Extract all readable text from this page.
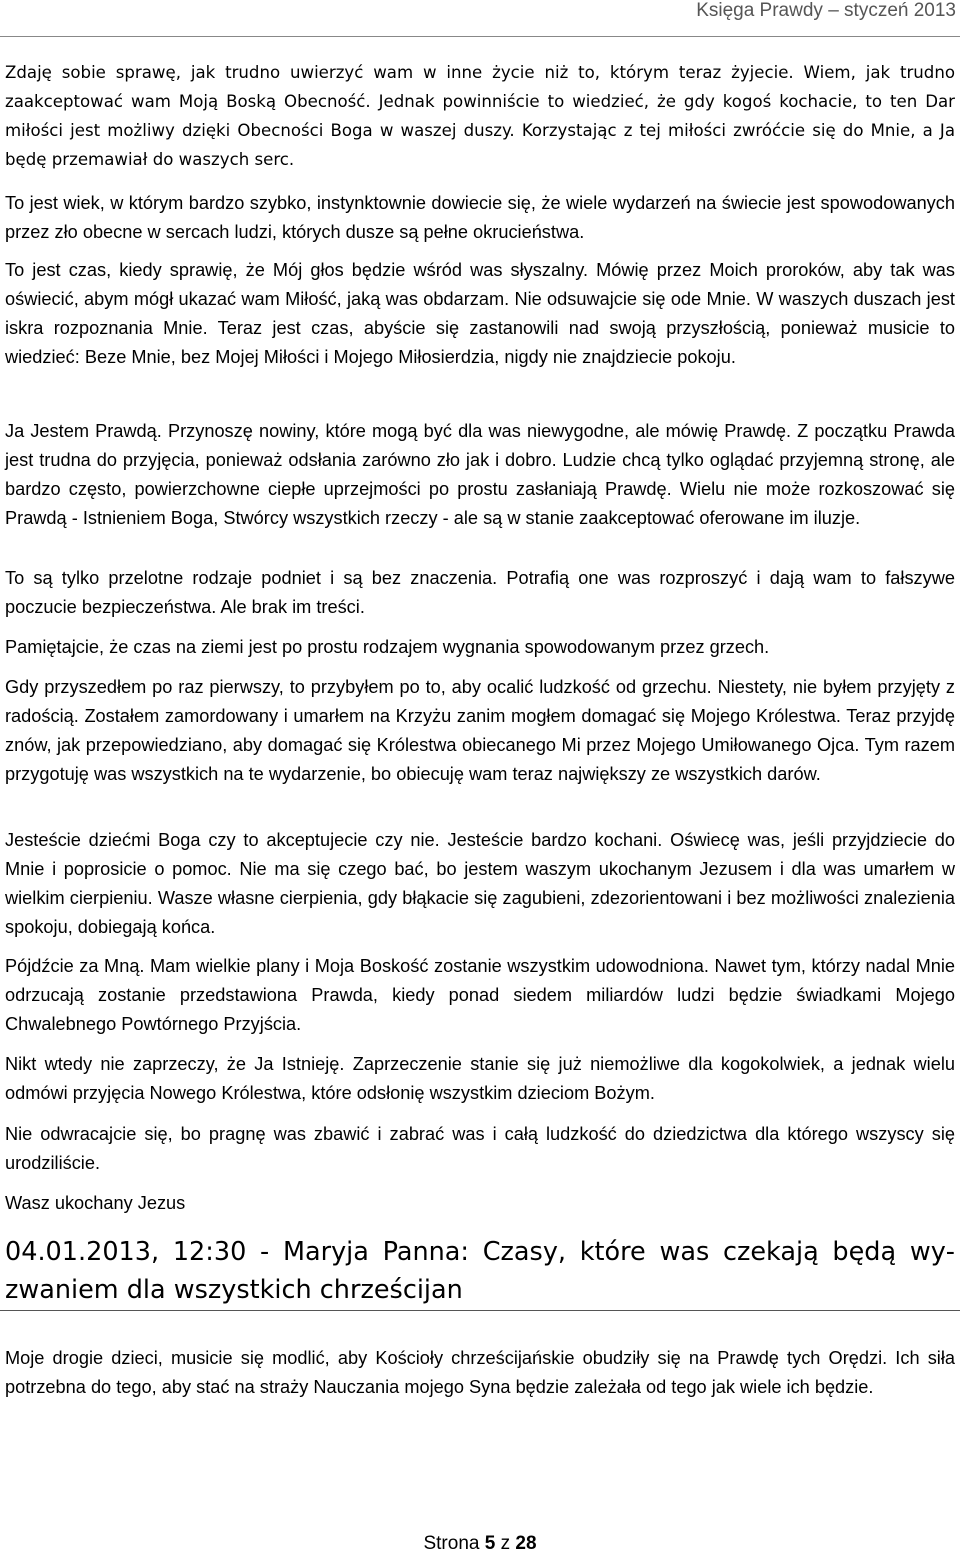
Księga Prawdy – styczeń 2013

Zdaję sobie sprawę, jak trudno uwierzyć wam w inne życie niż to, którym teraz żyjecie. Wiem, jak trudno zaakceptować wam Moją Boską Obecność. Jednak powinniście to wiedzieć, że gdy kogoś kochacie, to ten Dar miłości jest możliwy dzięki Obecności Boga w waszej duszy. Korzystając z tej miłości zwróćcie się do Mnie, a Ja będę przemawiał do waszych serc.

To jest wiek, w którym bardzo szybko, instynktownie dowiecie się, że wiele wydarzeń na świecie jest spowodowanych przez zło obecne w sercach ludzi, których dusze są pełne okrucieństwa.

To jest czas, kiedy sprawię, że Mój głos będzie wśród was słyszalny. Mówię przez Moich proroków, aby tak was oświecić, abym mógł ukazać wam Miłość, jaką was obdarzam. Nie odsuwajcie się ode Mnie. W waszych duszach jest iskra rozpoznania Mnie. Teraz jest czas, abyście się zastanowili nad swoją przyszłością, ponieważ musicie to wiedzieć: Beze Mnie, bez Mojej Miłości i Mojego Miłosierdzia, nigdy nie znajdziecie pokoju.

Ja Jestem Prawdą. Przynoszę nowiny, które mogą być dla was niewygodne, ale mówię Prawdę. Z początku Prawda jest trudna do przyjęcia, ponieważ odsłania zarówno zło jak i dobro. Ludzie chcą tylko oglądać przyjemną stronę, ale bardzo często, powierzchowne ciepłe uprzejmości po prostu zasłaniają Prawdę. Wielu nie może rozkoszować się Prawdą - Istnieniem Boga, Stwórcy wszystkich rzeczy - ale są w stanie zaakceptować oferowane im iluzje.

To są tylko przelotne rodzaje podniet i są bez znaczenia. Potrafią one was rozproszyć i dają wam to fałszywe poczucie bezpieczeństwa. Ale brak im treści.

Pamiętajcie, że czas na ziemi jest po prostu rodzajem wygnania spowodowanym przez grzech.

Gdy przyszedłem po raz pierwszy, to przybyłem po to, aby ocalić ludzkość od grzechu. Niestety, nie byłem przyjęty z radością. Zostałem zamordowany i umarłem na Krzyżu zanim mogłem domagać się Mojego Królestwa. Teraz przyjdę znów, jak przepowiedziano, aby domagać się Królestwa obiecanego Mi przez Mojego Umiłowanego Ojca. Tym razem przygotuję was wszystkich na te wydarzenie, bo obiecuję wam teraz największy ze wszystkich darów.

Jesteście dziećmi Boga czy to akceptujecie czy nie. Jesteście bardzo kochani. Oświecę was, jeśli przyjdziecie do Mnie i poprosicie o pomoc. Nie ma się czego bać, bo jestem waszym ukochanym Jezusem i dla was umarłem w wielkim cierpieniu. Wasze własne cierpienia, gdy błąkacie się zagubieni, zdezorientowani i bez możliwości znalezienia spokoju, dobiegają końca.

Pójdźcie za Mną. Mam wielkie plany i Moja Boskość zostanie wszystkim udowodniona. Nawet tym, którzy nadal Mnie odrzucają zostanie przedstawiona Prawda, kiedy ponad siedem miliardów ludzi będzie świadkami Mojego Chwalebnego Powtórnego Przyjścia.

Nikt wtedy nie zaprzeczy, że Ja Istnieję. Zaprzeczenie stanie się już niemożliwe dla kogokolwiek, a jednak wielu odmówi przyjęcia Nowego Królestwa, które odsłonię wszystkim dzieciom Bożym.

Nie odwracajcie się, bo pragnę was zbawić i zabrać was i całą ludzkość do dziedzictwa dla którego wszyscy się urodziliście.

Wasz ukochany Jezus

04.01.2013, 12:30 - Maryja Panna: Czasy, które was czekają będą wyzwaniem dla wszystkich chrześcijan

Moje drogie dzieci, musicie się modlić, aby Kościoły chrześcijańskie obudziły się na Prawdę tych Orędzi. Ich siła potrzebna do tego, aby stać na straży Nauczania mojego Syna będzie zależała od tego jak wiele ich będzie.

Strona 5 z 28
